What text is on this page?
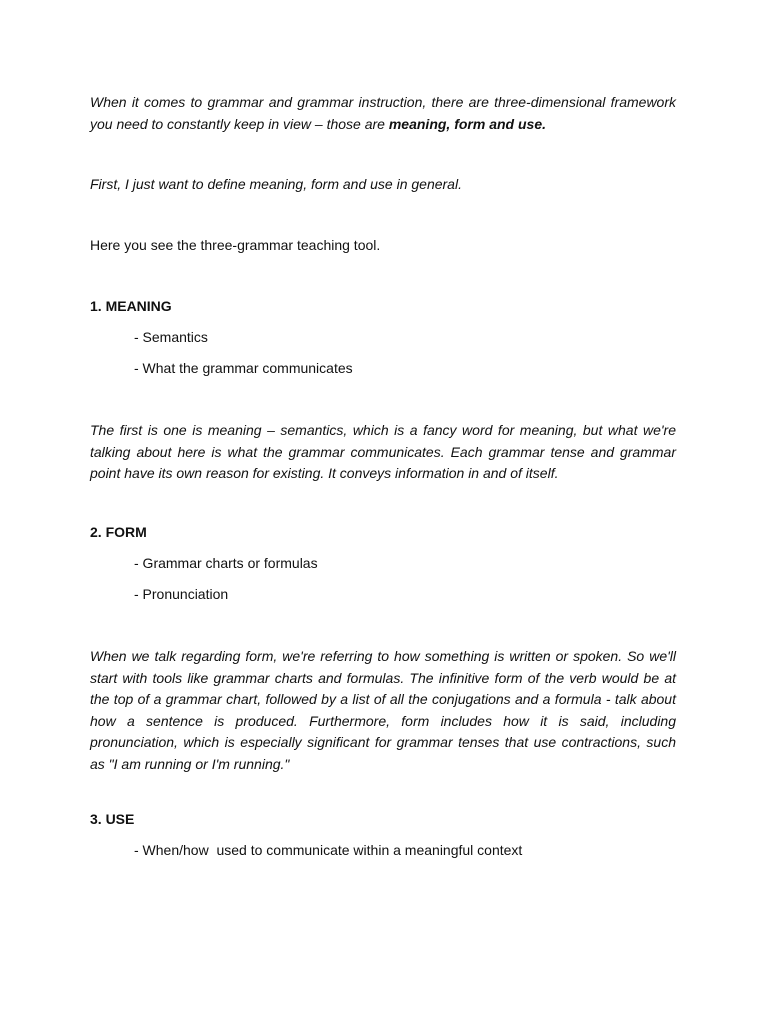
When it comes to grammar and grammar instruction, there are three-dimensional framework you need to constantly keep in view – those are meaning, form and use.

First, I just want to define meaning, form and use in general.

Here you see the three-grammar teaching tool.

1. MEANING

- Semantics

- What the grammar communicates

The first is one is meaning – semantics, which is a fancy word for meaning, but what we're talking about here is what the grammar communicates. Each grammar tense and grammar point have its own reason for existing. It conveys information in and of itself.

2. FORM

- Grammar charts or formulas

- Pronunciation

When we talk regarding form, we're referring to how something is written or spoken. So we'll start with tools like grammar charts and formulas. The infinitive form of the verb would be at the top of a grammar chart, followed by a list of all the conjugations and a formula - talk about how a sentence is produced. Furthermore, form includes how it is said, including pronunciation, which is especially significant for grammar tenses that use contractions, such as "I am running or I'm running."

3. USE

- When/how  used to communicate within a meaningful context
